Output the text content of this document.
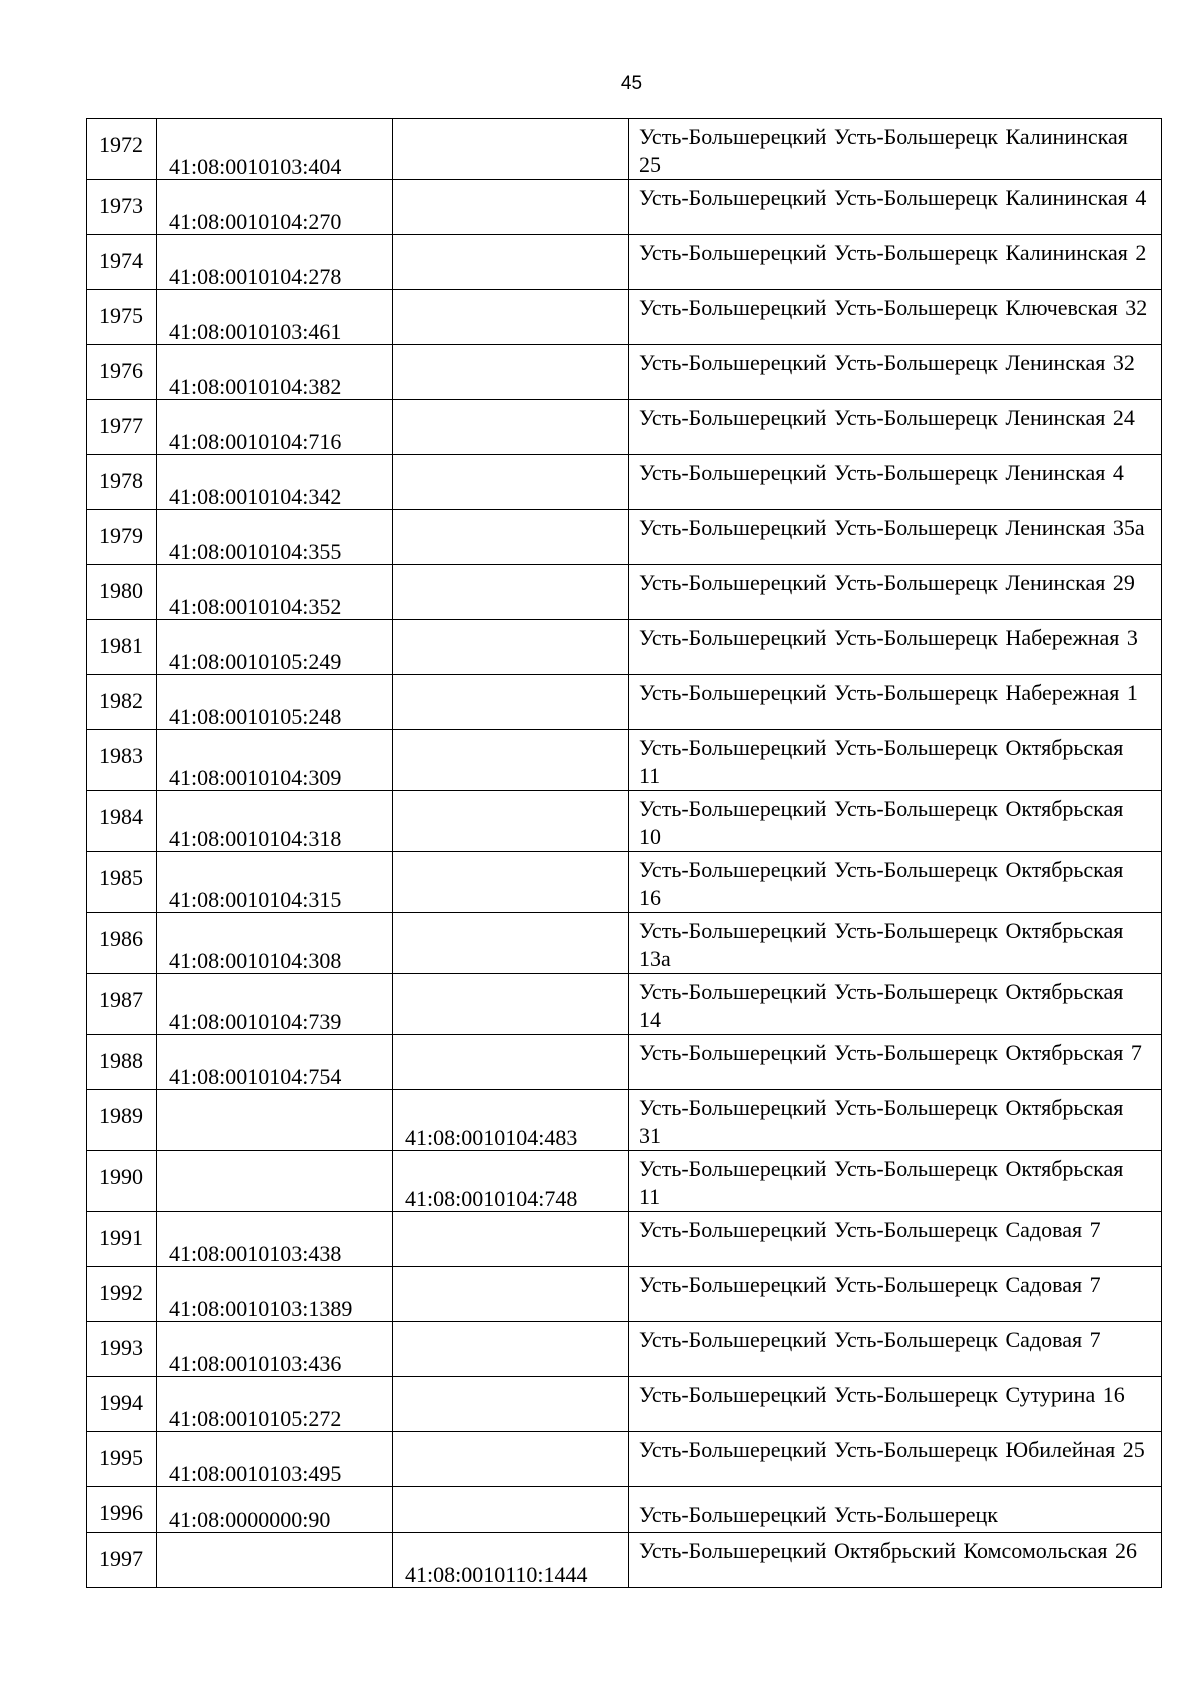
45
1972	41:08:0010103:404		Усть-Большерецкий Усть-Большерецк Калининская 25

1973	41:08:0010104:270		Усть-Большерецкий Усть-Большерецк Калининская 4

1974	41:08:0010104:278		Усть-Большерецкий Усть-Большерецк Калининская 2

1975	41:08:0010103:461		Усть-Большерецкий Усть-Большерецк Ключевская 32

1976	41:08:0010104:382		Усть-Большерецкий Усть-Большерецк Ленинская 32

1977	41:08:0010104:716		Усть-Большерецкий Усть-Большерецк Ленинская 24

1978	41:08:0010104:342		Усть-Большерецкий Усть-Большерецк Ленинская 4

1979	41:08:0010104:355		Усть-Большерецкий Усть-Большерецк Ленинская 35а

1980	41:08:0010104:352		Усть-Большерецкий Усть-Большерецк Ленинская 29

1981	41:08:0010105:249		Усть-Большерецкий Усть-Большерецк Набережная 3

1982	41:08:0010105:248		Усть-Большерецкий Усть-Большерецк Набережная 1

1983	41:08:0010104:309		Усть-Большерецкий Усть-Большерецк Октябрьская 11

1984	41:08:0010104:318		Усть-Большерецкий Усть-Большерецк Октябрьская 10

1985	41:08:0010104:315		Усть-Большерецкий Усть-Большерецк Октябрьская 16

1986	41:08:0010104:308		Усть-Большерецкий Усть-Большерецк Октябрьская 13а

1987	41:08:0010104:739		Усть-Большерецкий Усть-Большерецк Октябрьская 14

1988	41:08:0010104:754		Усть-Большерецкий Усть-Большерецк Октябрьская 7

1989		41:08:0010104:483	Усть-Большерецкий Усть-Большерецк Октябрьская 31

1990		41:08:0010104:748	Усть-Большерецкий Усть-Большерецк Октябрьская 11

1991	41:08:0010103:438		Усть-Большерецкий Усть-Большерецк Садовая 7

1992	41:08:0010103:1389		Усть-Большерецкий Усть-Большерецк Садовая 7

1993	41:08:0010103:436		Усть-Большерецкий Усть-Большерецк Садовая 7

1994	41:08:0010105:272		Усть-Большерецкий Усть-Большерецк Сутурина 16

1995	41:08:0010103:495		Усть-Большерецкий Усть-Большерецк Юбилейная 25

1996	41:08:0000000:90		Усть-Большерецкий Усть-Большерецк

1997		41:08:0010110:1444	Усть-Большерецкий Октябрьский Комсомольская 26
